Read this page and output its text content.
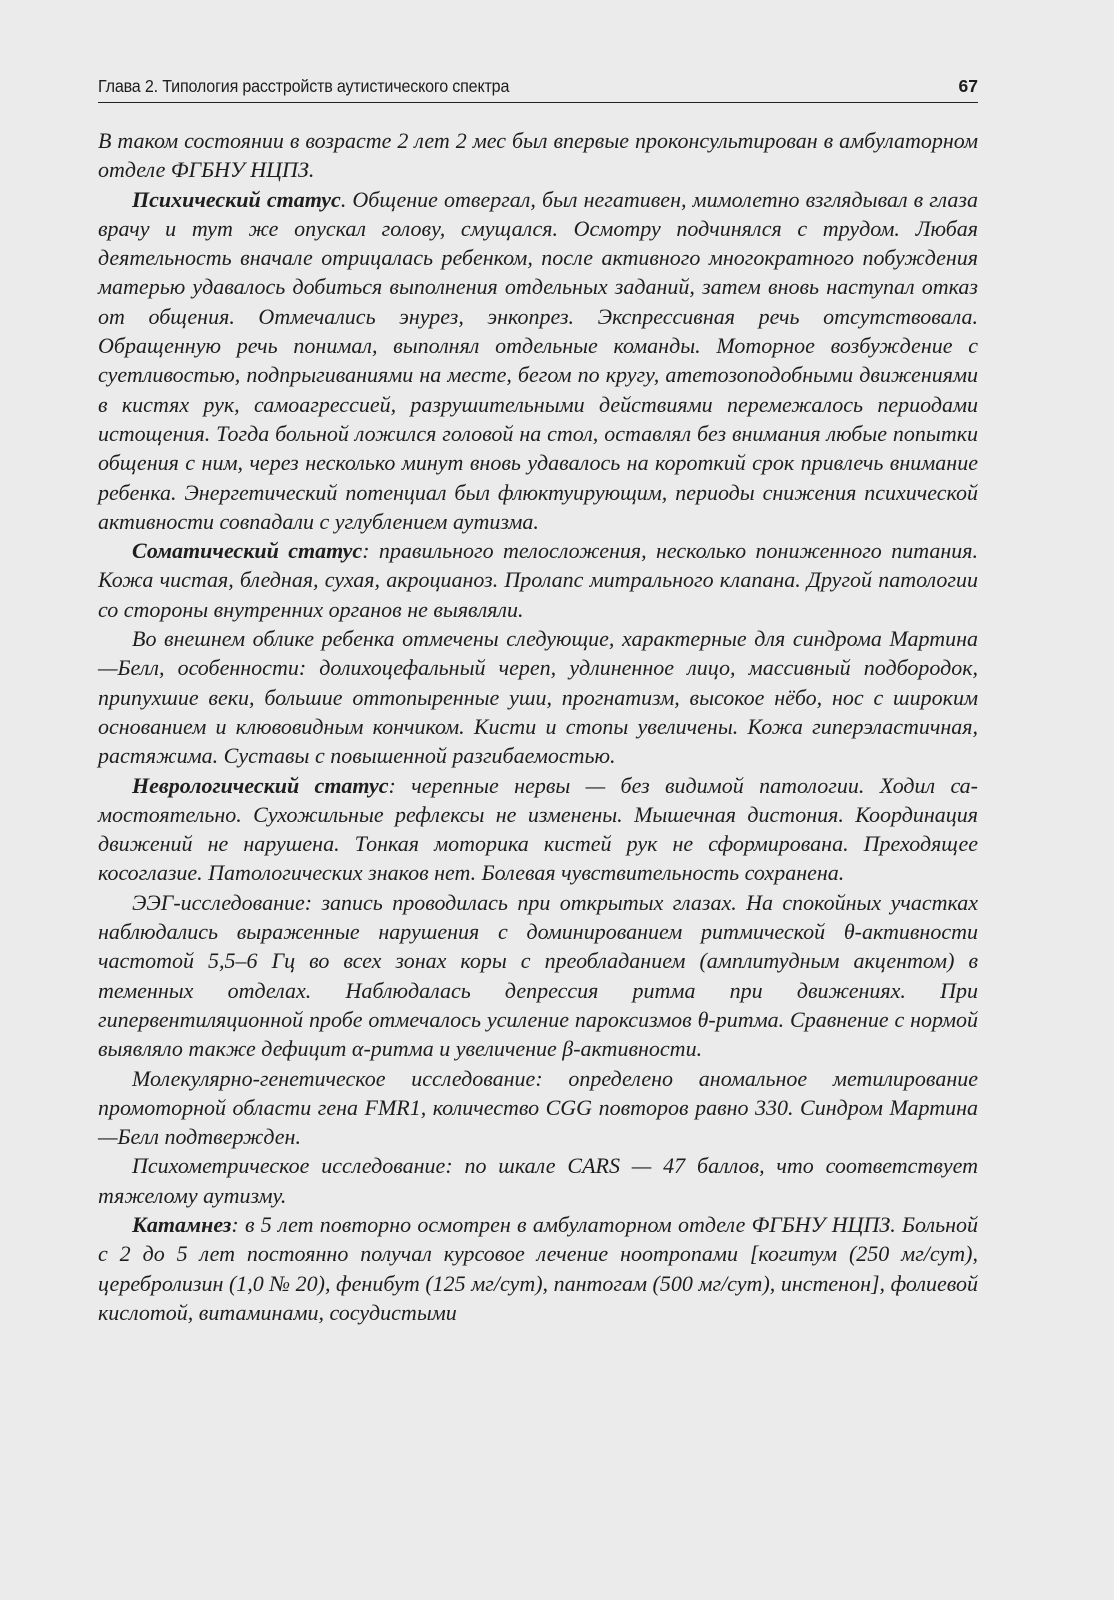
Глава 2. Типология расстройств аутистического спектра	67

В таком состоянии в возрасте 2 лет 2 мес был впервые проконсультирован в амбулаторном отделе ФГБНУ НЦПЗ.

Психический статус. Общение отвергал, был негативен, мимолетно взглядывал в глаза врачу и тут же опускал голову, смущался. Осмотру подчинялся с трудом. Любая деятельность вначале отрицалась ребенком, после активного многократного побуждения матерью удавалось добиться выполнения отдельных заданий, затем вновь наступал отказ от общения. Отмечались энурез, энкопрез. Экспрессивная речь отсутствовала. Обращенную речь понимал, выполнял отдельные команды. Моторное возбуждение с суетливостью, подпрыгиваниями на месте, бегом по кругу, атетозоподобными движениями в кистях рук, самоагрессией, разрушительными действиями перемежалось периодами истощения. Тогда больной ложился головой на стол, оставлял без внимания любые попытки общения с ним, через несколько минут вновь удавалось на короткий срок привлечь внимание ребенка. Энергетический потенциал был флюктуирующим, периоды снижения психической активности совпадали с углублением аутизма.

Соматический статус: правильного телосложения, несколько пониженного питания. Кожа чистая, бледная, сухая, акроцианоз. Пролапс митрального клапана. Другой патологии со стороны внутренних органов не выявляли.

Во внешнем облике ребенка отмечены следующие, характерные для синдрома Мартина—Белл, особенности: долихоцефальный череп, удлиненное лицо, массивный подбородок, припухшие веки, большие оттопыренные уши, прогнатизм, высокое нёбо, нос с широким основанием и клювовидным кончиком. Кисти и стопы увеличены. Кожа гиперэластичная, растяжима. Суставы с повышенной разгибаемостью.

Неврологический статус: черепные нервы — без видимой патологии. Ходил самостоятельно. Сухожильные рефлексы не изменены. Мышечная дистония. Координация движений не нарушена. Тонкая моторика кистей рук не сформирована. Преходящее косоглазие. Патологических знаков нет. Болевая чувствительность сохранена.

ЭЭГ-исследование: запись проводилась при открытых глазах. На спокойных участках наблюдались выраженные нарушения с доминированием ритмической θ-активности частотой 5,5–6 Гц во всех зонах коры с преобладанием (амплитудным акцентом) в теменных отделах. Наблюдалась депрессия ритма при движениях. При гипервентиляционной пробе отмечалось усиление пароксизмов θ-ритма. Сравнение с нормой выявляло также дефицит α-ритма и увеличение β-активности.

Молекулярно-генетическое исследование: определено аномальное метилирование промоторной области гена FMR1, количество CGG повторов равно 330. Синдром Мартина—Белл подтвержден.

Психометрическое исследование: по шкале CARS — 47 баллов, что соответствует тяжелому аутизму.

Катамнез: в 5 лет повторно осмотрен в амбулаторном отделе ФГБНУ НЦПЗ. Больной с 2 до 5 лет постоянно получал курсовое лечение ноотропами [когитум (250 мг/сут), церебролизин (1,0 № 20), фенибут (125 мг/сут), пантогам (500 мг/сут), инстенон], фолиевой кислотой, витаминами, сосудистыми
